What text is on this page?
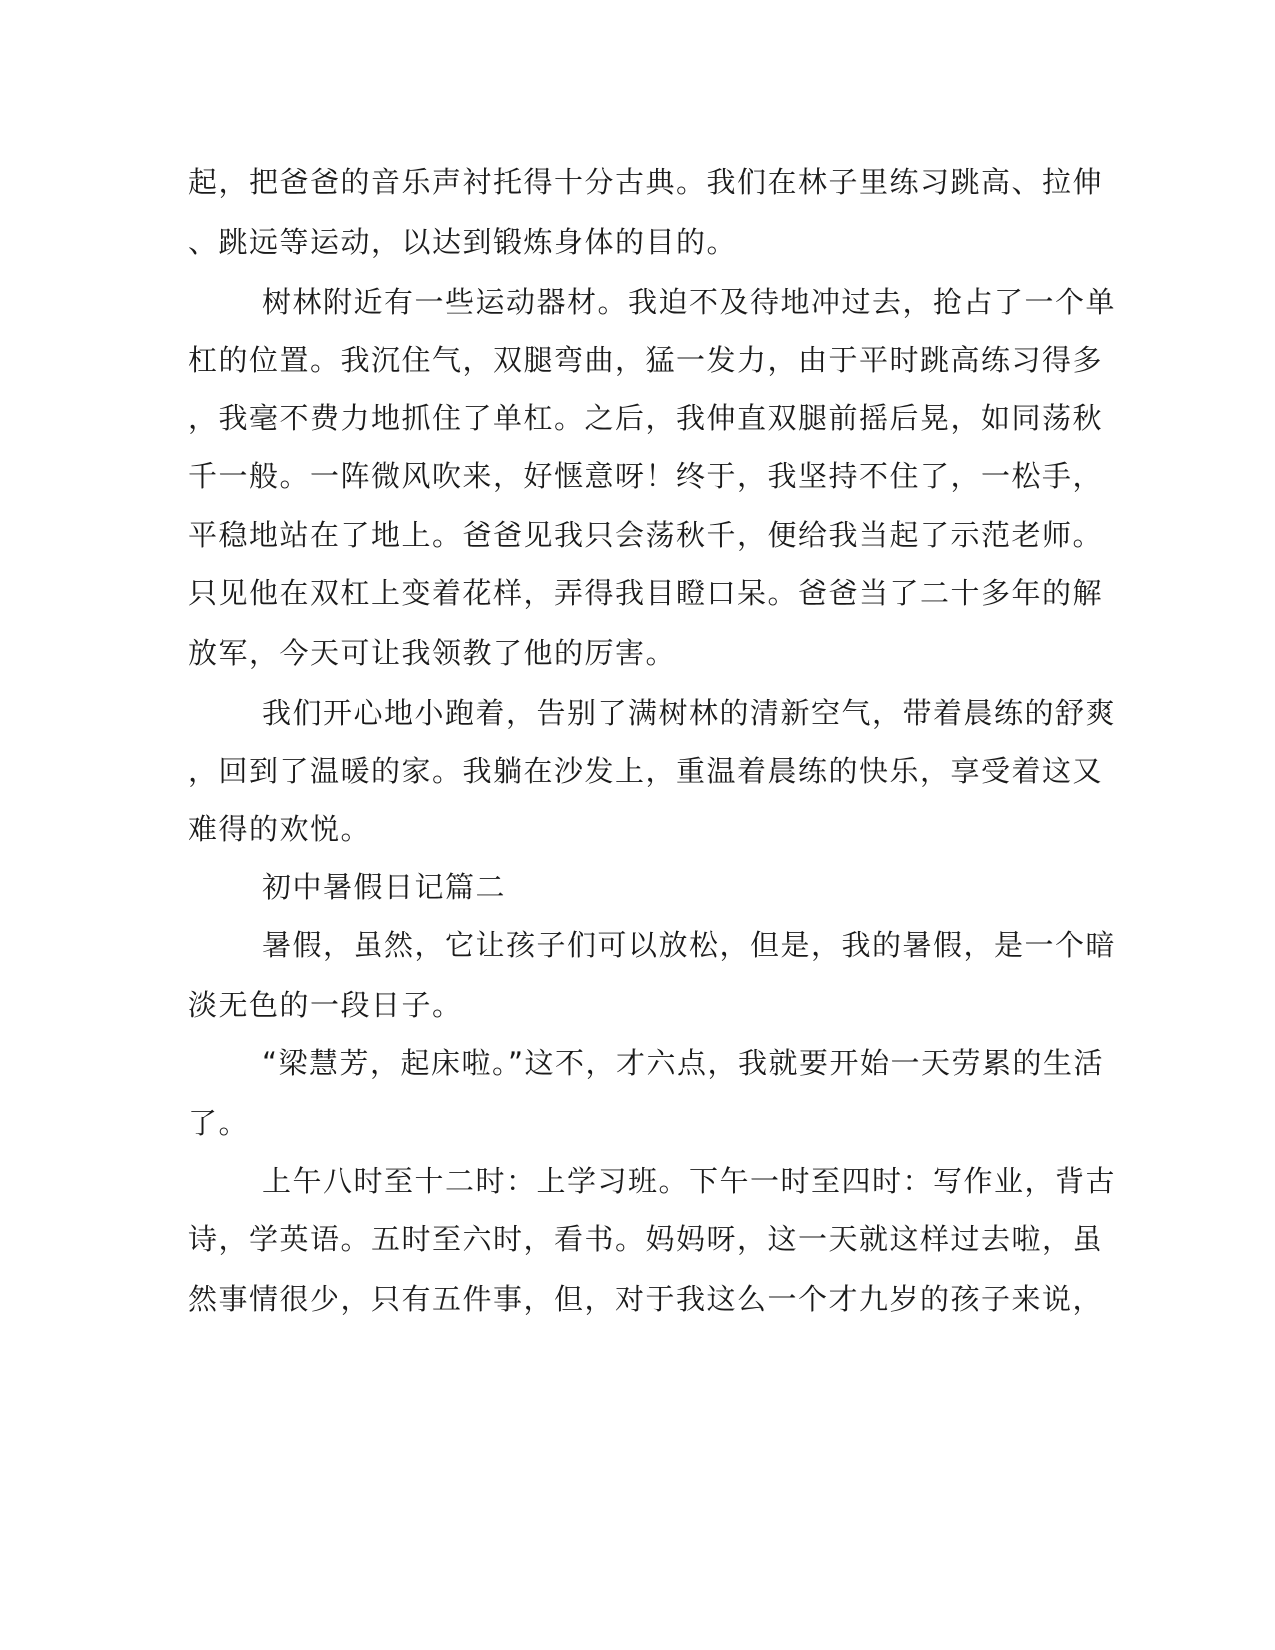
起，把爸爸的音乐声衬托得十分古典。我们在林子里练习跳高、拉伸
、跳远等运动，以达到锻炼身体的目的。
树林附近有一些运动器材。我迫不及待地冲过去，抢占了一个单
杠的位置。我沉住气，双腿弯曲，猛一发力，由于平时跳高练习得多
，我毫不费力地抓住了单杠。之后，我伸直双腿前摇后晃，如同荡秋
千一般。一阵微风吹来，好惬意呀！终于，我坚持不住了，一松手，
平稳地站在了地上。爸爸见我只会荡秋千，便给我当起了示范老师。
只见他在双杠上变着花样，弄得我目瞪口呆。爸爸当了二十多年的解
放军，今天可让我领教了他的厉害。
我们开心地小跑着，告别了满树林的清新空气，带着晨练的舒爽
，回到了温暖的家。我躺在沙发上，重温着晨练的快乐，享受着这又
难得的欢悦。
初中暑假日记篇二
暑假，虽然，它让孩子们可以放松，但是，我的暑假，是一个暗
淡无色的一段日子。
“梁慧芳，起床啦。”这不，才六点，我就要开始一天劳累的生活
了。
上午八时至十二时：上学习班。下午一时至四时：写作业，背古
诗，学英语。五时至六时，看书。妈妈呀，这一天就这样过去啦，虽
然事情很少，只有五件事，但，对于我这么一个才九岁的孩子来说，
